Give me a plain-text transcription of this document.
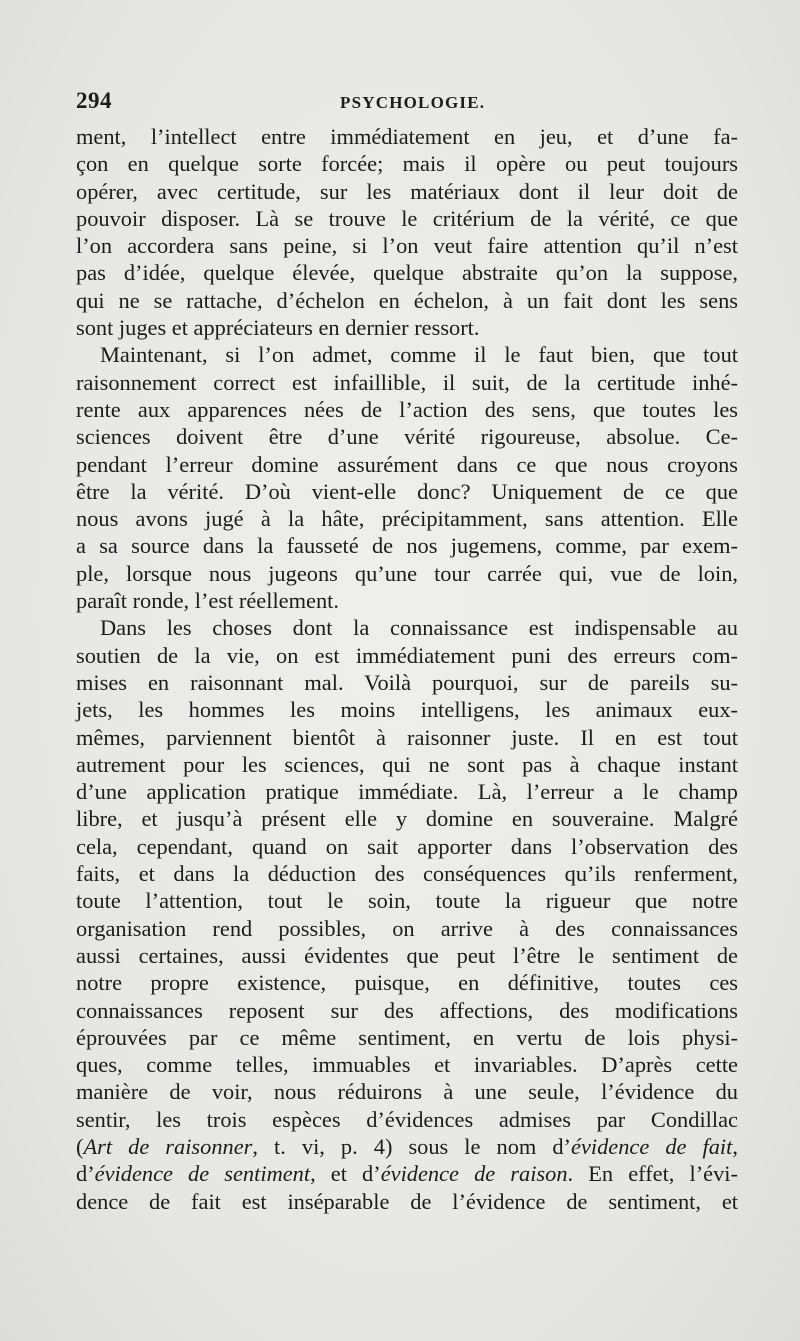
294	PSYCHOLOGIE.
ment, l’intellect entre immédiatement en jeu, et d’une fa-
çon en quelque sorte forcée; mais il opère ou peut toujours
opérer, avec certitude, sur les matériaux dont il leur doit de
pouvoir disposer. Là se trouve le critérium de la vérité, ce que
l’on accordera sans peine, si l’on veut faire attention qu’il n’est
pas d’idée, quelque élevée, quelque abstraite qu’on la suppose,
qui ne se rattache, d’échelon en échelon, à un fait dont les sens
sont juges et appréciateurs en dernier ressort.
Maintenant, si l’on admet, comme il le faut bien, que tout
raisonnement correct est infaillible, il suit, de la certitude inhé-
rente aux apparences nées de l’action des sens, que toutes les
sciences doivent être d’une vérité rigoureuse, absolue. Ce-
pendant l’erreur domine assurément dans ce que nous croyons
être la vérité. D’où vient-elle donc? Uniquement de ce que
nous avons jugé à la hâte, précipitamment, sans attention. Elle
a sa source dans la fausseté de nos jugemens, comme, par exem-
ple, lorsque nous jugeons qu’une tour carrée qui, vue de loin,
paraît ronde, l’est réellement.
Dans les choses dont la connaissance est indispensable au
soutien de la vie, on est immédiatement puni des erreurs com-
mises en raisonnant mal. Voilà pourquoi, sur de pareils su-
jets, les hommes les moins intelligens, les animaux eux-
mêmes, parviennent bientôt à raisonner juste. Il en est tout
autrement pour les sciences, qui ne sont pas à chaque instant
d’une application pratique immédiate. Là, l’erreur a le champ
libre, et jusqu’à présent elle y domine en souveraine. Malgré
cela, cependant, quand on sait apporter dans l’observation des
faits, et dans la déduction des conséquences qu’ils renferment,
toute l’attention, tout le soin, toute la rigueur que notre
organisation rend possibles, on arrive à des connaissances
aussi certaines, aussi évidentes que peut l’être le sentiment de
notre propre existence, puisque, en définitive, toutes ces
connaissances reposent sur des affections, des modifications
éprouvées par ce même sentiment, en vertu de lois physi-
ques, comme telles, immuables et invariables. D’après cette
manière de voir, nous réduirons à une seule, l’évidence du
sentir, les trois espèces d’évidences admises par Condillac
(Art de raisonner, t. vi, p. 4) sous le nom d’évidence de fait,
d’évidence de sentiment, et d’évidence de raison. En effet, l’évi-
dence de fait est inséparable de l’évidence de sentiment, et
